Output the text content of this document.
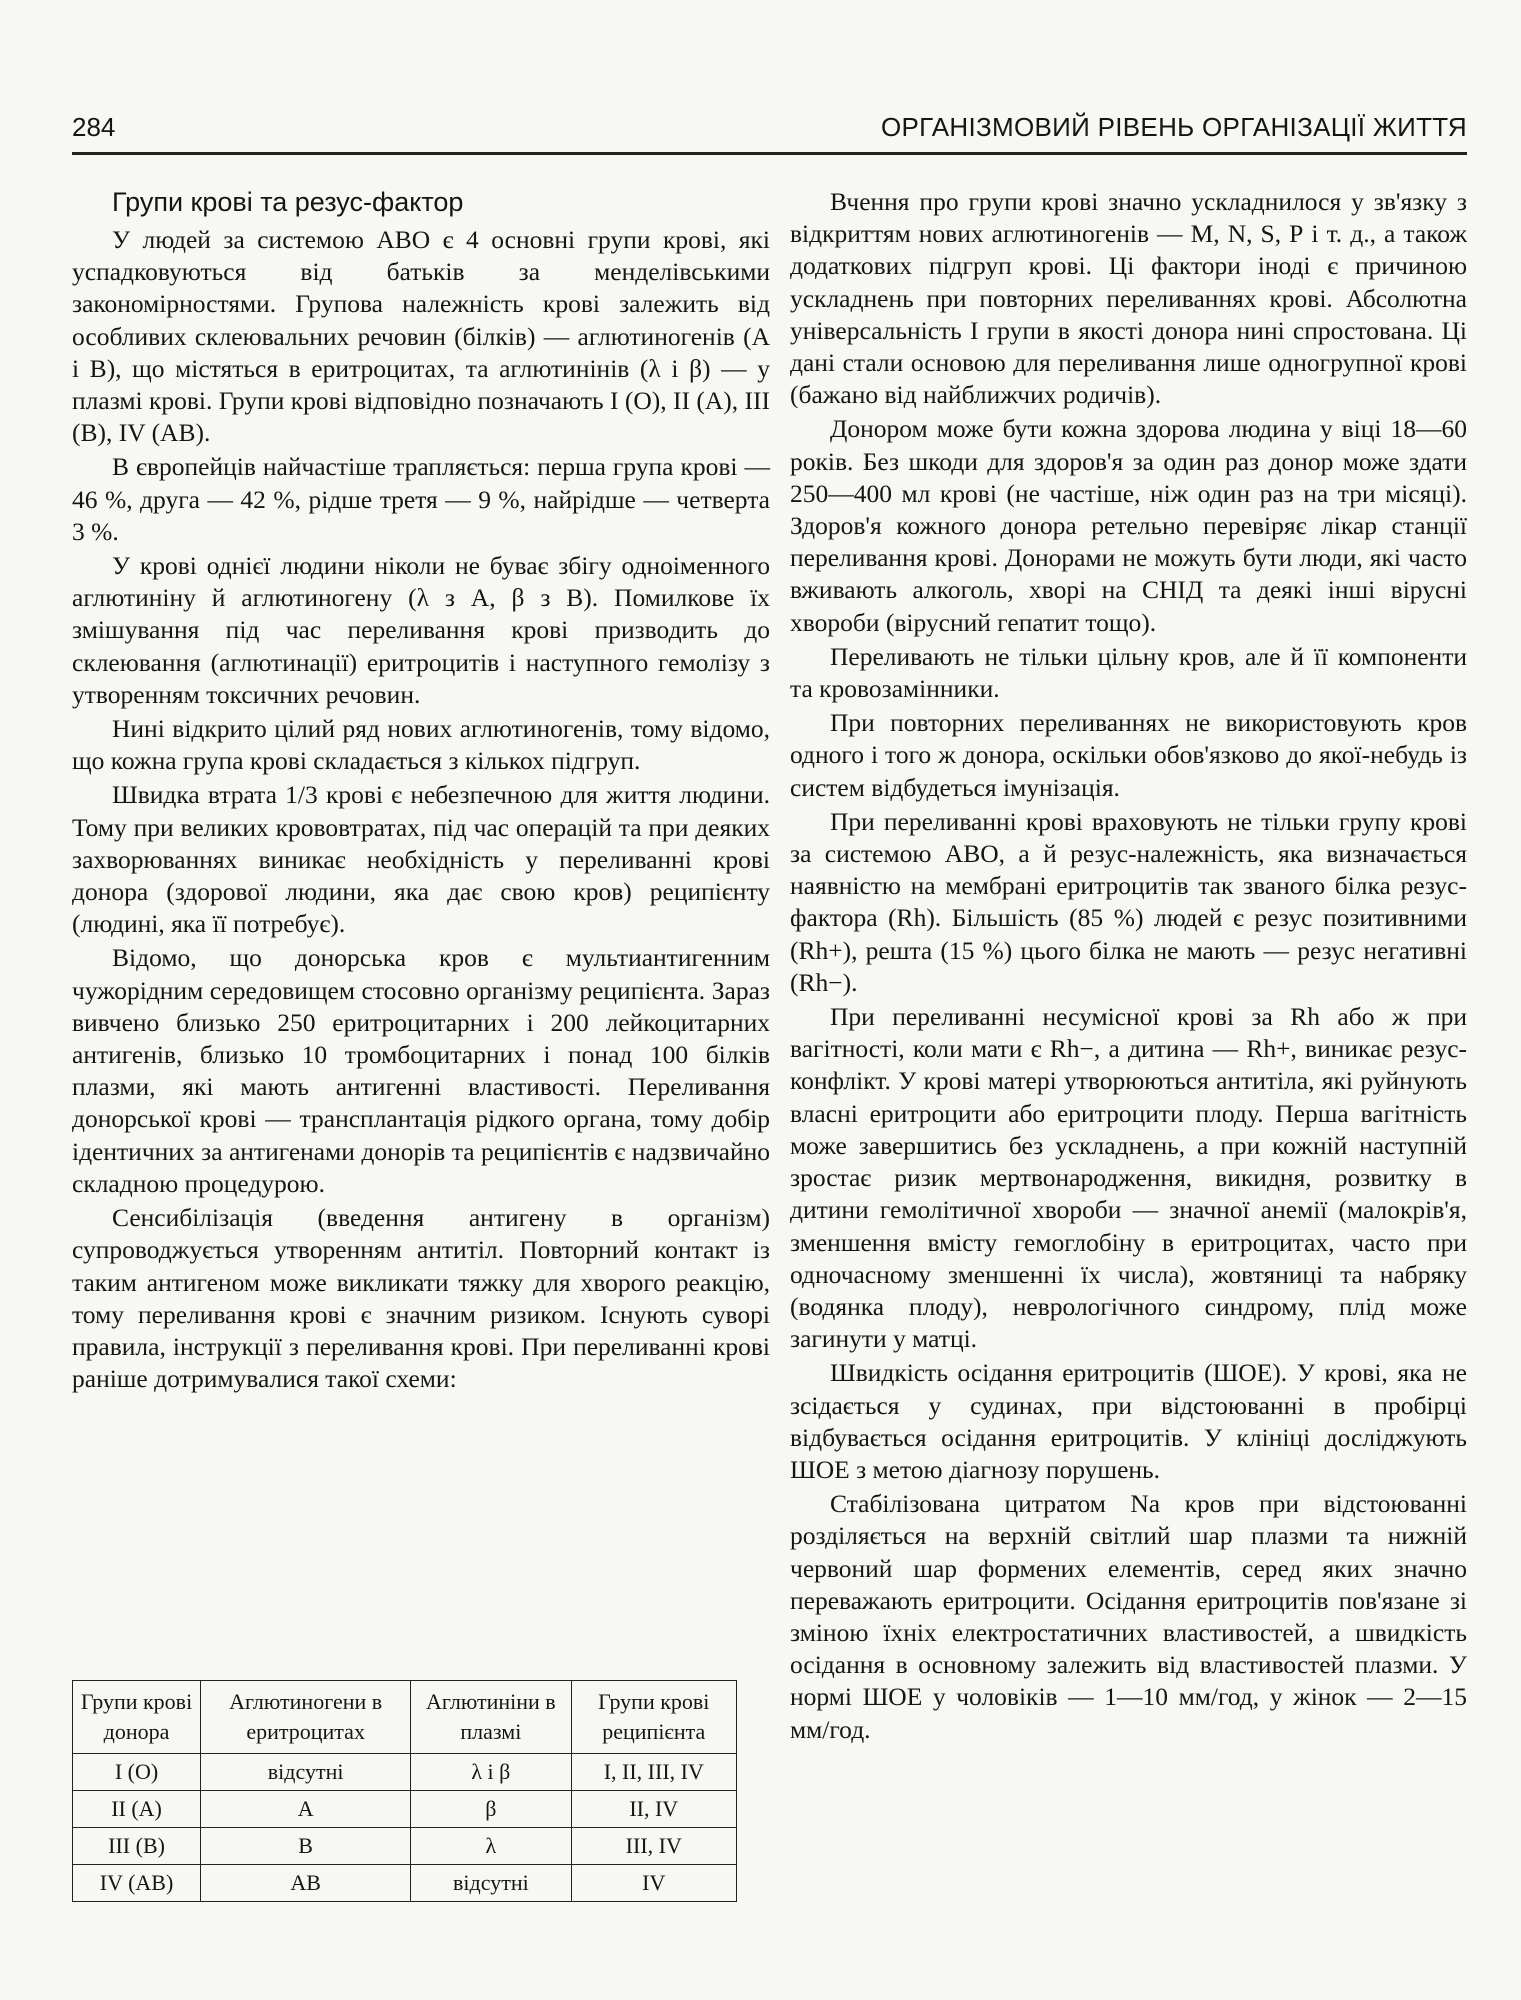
284	ОРГАНІЗМОВИЙ РІВЕНЬ ОРГАНІЗАЦІЇ ЖИТТЯ
Групи крові та резус-фактор

У людей за системою АВО є 4 основні групи крові, які успадковуються від батьків за менделівськими закономірностями. Групова належність крові залежить від особливих склеювальних речовин (білків) — аглютиногенів (А і В), що містяться в еритроцитах, та аглютинінів (λ і β) — у плазмі крові. Групи крові відповідно позначають І (О), II (А), III (В), IV (АВ).

В європейців найчастіше трапляється: перша група крові — 46 %, друга — 42 %, рідше третя — 9 %, найрідше — четверта 3 %.

У крові однієї людини ніколи не буває збігу одноіменного аглютиніну й аглютиногену (λ з А, β з В). Помилкове їх змішування під час переливання крові призводить до склеювання (аглютинації) еритроцитів і наступного гемолізу з утворенням токсичних речовин.

Нині відкрито цілий ряд нових аглютиногенів, тому відомо, що кожна група крові складається з кількох підгруп.

Швидка втрата 1/3 крові є небезпечною для життя людини. Тому при великих крововтратах, під час операцій та при деяких захворюваннях виникає необхідність у переливанні крові донора (здорової людини, яка дає свою кров) реципієнту (людині, яка її потребує).

Відомо, що донорська кров є мультиантигенним чужорідним середовищем стосовно організму реципієнта. Зараз вивчено близько 250 еритроцитарних і 200 лейкоцитарних антигенів, близько 10 тромбоцитарних і понад 100 білків плазми, які мають антигенні властивості. Переливання донорської крові — трансплантація рідкого органа, тому добір ідентичних за антигенами донорів та реципієнтів є надзвичайно складною процедурою.

Сенсибілізація (введення антигену в організм) супроводжується утворенням антитіл. Повторний контакт із таким антигеном може викликати тяжку для хворого реакцію, тому переливання крові є значним ризиком. Існують суворі правила, інструкції з переливання крові. При переливанні крові раніше дотримувалися такої схеми:

Групи крові донора	Аглютиногени в еритроцитах	Аглютиніни в плазмі	Групи крові реципієнта
І (О)	відсутні	λ і β	І, II, III, IV
II (А)	А	β	II, IV
III (В)	В	λ	III, IV
IV (АВ)	АВ	відсутні	IV

Вчення про групи крові значно ускладнилося у зв'язку з відкриттям нових аглютиногенів — М, N, S, Р і т. д., а також додаткових підгруп крові. Ці фактори іноді є причиною ускладнень при повторних переливаннях крові. Абсолютна універсальність І групи в якості донора нині спростована. Ці дані стали основою для переливання лише одногрупної крові (бажано від найближчих родичів).

Донором може бути кожна здорова людина у віці 18—60 років. Без шкоди для здоров'я за один раз донор може здати 250—400 мл крові (не частіше, ніж один раз на три місяці). Здоров'я кожного донора ретельно перевіряє лікар станції переливання крові. Донорами не можуть бути люди, які часто вживають алкоголь, хворі на СНІД та деякі інші вірусні хвороби (вірусний гепатит тощо).

Переливають не тільки цільну кров, але й її компоненти та кровозамінники.

При повторних переливаннях не використовують кров одного і того ж донора, оскільки обов'язково до якої-небудь із систем відбудеться імунізація.

При переливанні крові враховують не тільки групу крові за системою АВО, а й резус-належність, яка визначається наявністю на мембрані еритроцитів так званого білка резус-фактора (Rh). Більшість (85 %) людей є резус позитивними (Rh+), решта (15 %) цього білка не мають — резус негативні (Rh−).

При переливанні несумісної крові за Rh або ж при вагітності, коли мати є Rh−, а дитина — Rh+, виникає резус-конфлікт. У крові матері утворюються антитіла, які руйнують власні еритроцити або еритроцити плоду. Перша вагітність може завершитись без ускладнень, а при кожній наступній зростає ризик мертвонародження, викидня, розвитку в дитини гемолітичної хвороби — значної анемії (малокрів'я, зменшення вмісту гемоглобіну в еритроцитах, часто при одночасному зменшенні їх числа), жовтяниці та набряку (водянка плоду), неврологічного синдрому, плід може загинути у матці.

Швидкість осідання еритроцитів (ШОЕ). У крові, яка не зсідається у судинах, при відстоюванні в пробірці відбувається осідання еритроцитів. У клініці досліджують ШОЕ з метою діагнозу порушень.

Стабілізована цитратом Na кров при відстоюванні розділяється на верхній світлий шар плазми та нижній червоний шар формених елементів, серед яких значно переважають еритроцити. Осідання еритроцитів пов'язане зі зміною їхніх електростатичних властивостей, а швидкість осідання в основному залежить від властивостей плазми. У нормі ШОЕ у чоловіків — 1—10 мм/год, у жінок — 2—15 мм/год.
